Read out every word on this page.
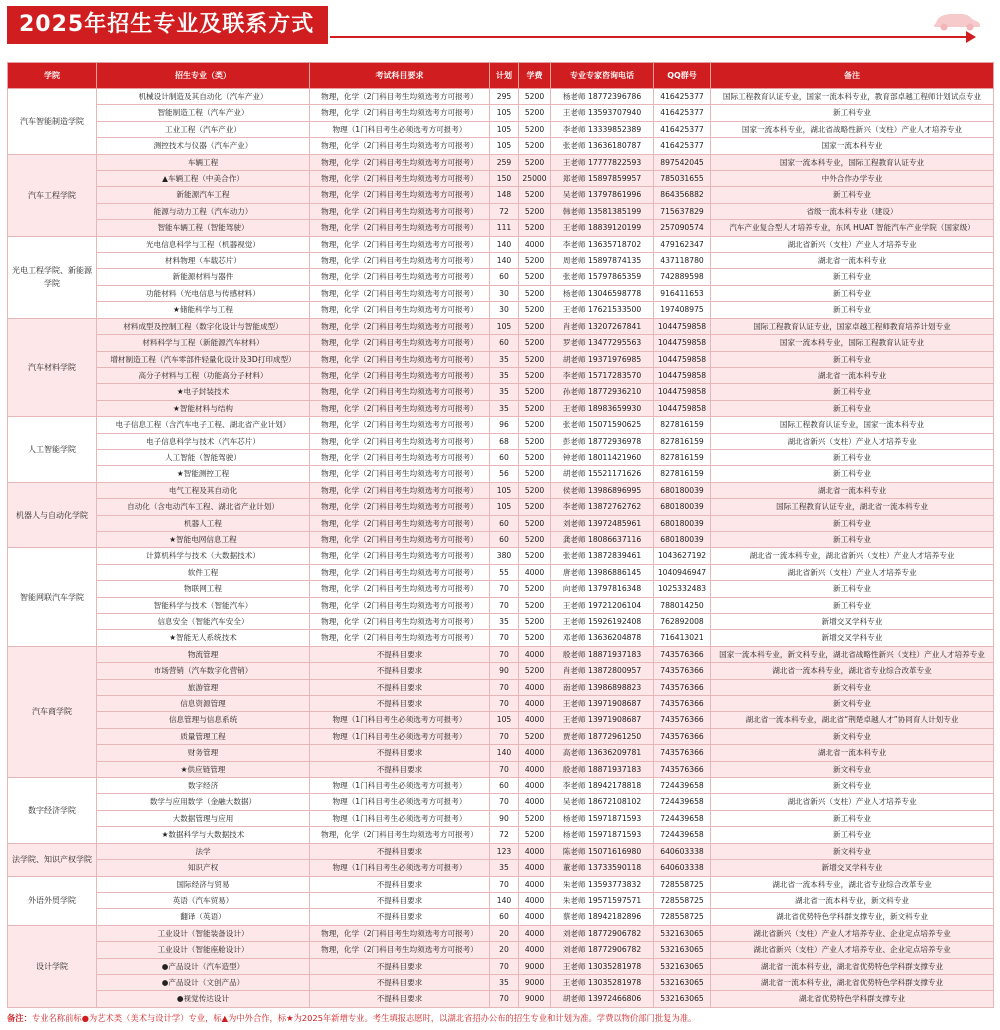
2025年招生专业及联系方式
学院	招生专业（类）	考试科目要求	计划	学费	专业专家咨询电话	QQ群号	备注
汽车智能制造学院	机械设计制造及其自动化（汽车产业）	物理，化学（2门科目考生均须选考方可报考）	295	5200	杨老师 18772396786	416425377	国际工程教育认证专业，国家一流本科专业，教育部卓越工程师计划试点专业
	智能制造工程（汽车产业）	物理，化学（2门科目考生均须选考方可报考）	105	5200	王老师 13593707940	416425377	新工科专业
	工业工程（汽车产业）	物理（1门科目考生必须选考方可报考）	105	5200	李老师 13339852389	416425377	国家一流本科专业，湖北省战略性新兴（支柱）产业人才培养专业
	测控技术与仪器（汽车产业）	物理，化学（2门科目考生均须选考方可报考）	105	5200	张老师 13636180787	416425377	国家一流本科专业
汽车工程学院	车辆工程	物理，化学（2门科目考生均须选考方可报考）	259	5200	王老师 17777822593	897542045	国家一流本科专业，国际工程教育认证专业
	▲车辆工程（中美合作）	物理，化学（2门科目考生均须选考方可报考）	150	25000	郑老师 15897859957	785031655	中外合作办学专业
	新能源汽车工程	物理，化学（2门科目考生均须选考方可报考）	148	5200	吴老师 13797861996	864356882	新工科专业
	能源与动力工程（汽车动力）	物理，化学（2门科目考生均须选考方可报考）	72	5200	韩老师 13581385199	715637829	省级一流本科专业（建设）
	智能车辆工程（智能驾驶）	物理，化学（2门科目考生均须选考方可报考）	111	5200	王老师 18839120199	257090574	汽车产业复合型人才培养专业，东风 HUAT 智能汽车产业学院（国家级）
光电工程学院、新能源学院	光电信息科学与工程（机器视觉）	物理，化学（2门科目考生均须选考方可报考）	140	4000	李老师 13635718702	479162347	湖北省新兴（支柱）产业人才培养专业
	材料物理（车载芯片）	物理，化学（2门科目考生均须选考方可报考）	140	5200	周老师 15897874135	437118780	湖北省一流本科专业
	新能源材料与器件	物理，化学（2门科目考生均须选考方可报考）	60	5200	张老师 15797865359	742889598	新工科专业
	功能材料（光电信息与传感材料）	物理，化学（2门科目考生均须选考方可报考）	30	5200	杨老师 13046598778	916411653	新工科专业
	★储能科学与工程	物理，化学（2门科目考生均须选考方可报考）	30	5200	王老师 17621533500	197408975	新工科专业
汽车材料学院	材料成型及控制工程（数字化设计与智能成型）	物理，化学（2门科目考生均须选考方可报考）	105	5200	肖老师 13207267841	1044759858	国际工程教育认证专业，国家卓越工程师教育培养计划专业
	材料科学与工程（新能源汽车材料）	物理，化学（2门科目考生均须选考方可报考）	60	5200	罗老师 13477295563	1044759858	国家一流本科专业，国际工程教育认证专业
	增材制造工程（汽车零部件轻量化设计及3D打印成型）	物理，化学（2门科目考生均须选考方可报考）	35	5200	胡老师 19371976985	1044759858	新工科专业
	高分子材料与工程（功能高分子材料）	物理，化学（2门科目考生均须选考方可报考）	35	5200	李老师 15717283570	1044759858	湖北省一流本科专业
	★电子封装技术	物理，化学（2门科目考生均须选考方可报考）	35	5200	孙老师 18772936210	1044759858	新工科专业
	★智能材料与结构	物理，化学（2门科目考生均须选考方可报考）	35	5200	王老师 18983659930	1044759858	新工科专业
人工智能学院	电子信息工程（含汽车电子工程、湖北省产业计划）	物理，化学（2门科目考生均须选考方可报考）	96	5200	张老师 15071590625	827816159	国际工程教育认证专业，国家一流本科专业
	电子信息科学与技术（汽车芯片）	物理，化学（2门科目考生均须选考方可报考）	68	5200	彭老师 18772936978	827816159	湖北省新兴（支柱）产业人才培养专业
	人工智能（智能驾驶）	物理，化学（2门科目考生均须选考方可报考）	60	5200	钟老师 18011421960	827816159	新工科专业
	★智能测控工程	物理，化学（2门科目考生均须选考方可报考）	56	5200	胡老师 15521171626	827816159	新工科专业
机器人与自动化学院	电气工程及其自动化	物理，化学（2门科目考生均须选考方可报考）	105	5200	侯老师 13986896995	680180039	湖北省一流本科专业
	自动化（含电动汽车工程、湖北省产业计划）	物理，化学（2门科目考生均须选考方可报考）	105	5200	李老师 13872762762	680180039	国际工程教育认证专业，湖北省一流本科专业
	机器人工程	物理，化学（2门科目考生均须选考方可报考）	60	5200	刘老师 13972485961	680180039	新工科专业
	★智能电网信息工程	物理，化学（2门科目考生均须选考方可报考）	60	5200	龚老师 18086637116	680180039	新工科专业
智能网联汽车学院	计算机科学与技术（大数据技术）	物理，化学（2门科目考生均须选考方可报考）	380	5200	张老师 13872839461	1043627192	湖北省一流本科专业，湖北省新兴（支柱）产业人才培养专业
	软件工程	物理，化学（2门科目考生均须选考方可报考）	55	4000	唐老师 13986886145	1040946947	湖北省新兴（支柱）产业人才培养专业
	物联网工程	物理，化学（2门科目考生均须选考方可报考）	70	5200	向老师 13797816348	1025332483	新工科专业
	智能科学与技术（智能汽车）	物理，化学（2门科目考生均须选考方可报考）	70	5200	王老师 19721206104	788014250	新工科专业
	信息安全（智能汽车安全）	物理，化学（2门科目考生均须选考方可报考）	35	5200	王老师 15926192408	762892008	新增交叉学科专业
	★智能无人系统技术	物理，化学（2门科目考生均须选考方可报考）	70	5200	邓老师 13636204878	716413021	新增交叉学科专业
汽车商学院	物流管理	不提科目要求	70	4000	殷老师 18871937183	743576366	国家一流本科专业，新文科专业，湖北省战略性新兴（支柱）产业人才培养专业
	市场营销（汽车数字化营销）	不提科目要求	90	5200	肖老师 13872800957	743576366	湖北省一流本科专业，湖北省专业综合改革专业
	旅游管理	不提科目要求	70	4000	南老师 13986898823	743576366	新文科专业
	信息资源管理	不提科目要求	70	4000	王老师 13971908687	743576366	新文科专业
	信息管理与信息系统	物理（1门科目考生必须选考方可报考）	105	4000	王老师 13971908687	743576366	湖北省一流本科专业，湖北省“荆楚卓越人才”协同育人计划专业
	质量管理工程	物理（1门科目考生必须选考方可报考）	70	5200	贾老师 18772961250	743576366	新文科专业
	财务管理	不提科目要求	140	4000	高老师 13636209781	743576366	湖北省一流本科专业
	★供应链管理	不提科目要求	70	4000	殷老师 18871937183	743576366	新文科专业
数字经济学院	数字经济	物理（1门科目考生必须选考方可报考）	60	4000	李老师 18942178818	724439658	新文科专业
	数学与应用数学（金融大数据）	物理（1门科目考生必须选考方可报考）	70	4000	吴老师 18672108102	724439658	湖北省新兴（支柱）产业人才培养专业
	大数据管理与应用	物理（1门科目考生必须选考方可报考）	90	5200	杨老师 15971871593	724439658	新工科专业
	★数据科学与大数据技术	物理，化学（2门科目考生均须选考方可报考）	72	5200	杨老师 15971871593	724439658	新工科专业
法学院、知识产权学院	法学	不提科目要求	123	4000	陈老师 15071616980	640603338	新文科专业
	知识产权	物理（1门科目考生必须选考方可报考）	35	4000	董老师 13733590118	640603338	新增交叉学科专业
外语外贸学院	国际经济与贸易	不提科目要求	70	4000	朱老师 13593773832	728558725	湖北省一流本科专业，湖北省专业综合改革专业
	英语（汽车贸易）	不提科目要求	140	4000	朱老师 19571597571	728558725	湖北省一流本科专业，新文科专业
	翻译（英语）	不提科目要求	60	4000	蔡老师 18942182896	728558725	湖北省优势特色学科群支撑专业，新文科专业
设计学院	工业设计（智能装备设计）	物理，化学（2门科目考生均须选考方可报考）	20	4000	刘老师 18772906782	532163065	湖北省新兴（支柱）产业人才培养专业、企业定点培养专业
	工业设计（智能座舱设计）	物理，化学（2门科目考生均须选考方可报考）	20	4000	刘老师 18772906782	532163065	湖北省新兴（支柱）产业人才培养专业、企业定点培养专业
	●产品设计（汽车造型）	不提科目要求	70	9000	王老师 13035281978	532163065	湖北省一流本科专业，湖北省优势特色学科群支撑专业
	●产品设计（文创产品）	不提科目要求	35	9000	王老师 13035281978	532163065	湖北省一流本科专业，湖北省优势特色学科群支撑专业
	●视觉传达设计	不提科目要求	70	9000	胡老师 13972466806	532163065	湖北省优势特色学科群支撑专业
备注：专业名称前标●为艺术类（美术与设计学）专业，标▲为中外合作，标★为2025年新增专业。考生填报志愿时，以湖北省招办公布的招生专业和计划为准。学费以物价部门批复为准。
